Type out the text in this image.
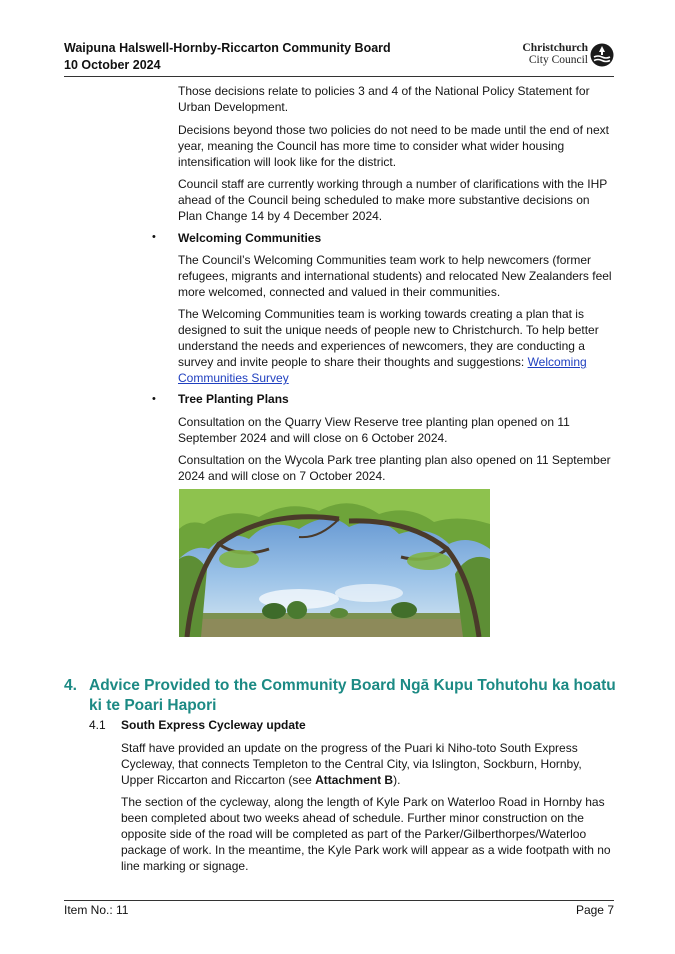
Waipuna Halswell-Hornby-Riccarton Community Board
10 October 2024
Christchurch
City Council
Those decisions relate to policies 3 and 4 of the National Policy Statement for Urban Development.
Decisions beyond those two policies do not need to be made until the end of next year, meaning the Council has more time to consider what wider housing intensification will look like for the district.
Council staff are currently working through a number of clarifications with the IHP ahead of the Council being scheduled to make more substantive decisions on Plan Change 14 by 4 December 2024.
• Welcoming Communities
The Council’s Welcoming Communities team work to help newcomers (former refugees, migrants and international students) and relocated New Zealanders feel more welcomed, connected and valued in their communities.
The Welcoming Communities team is working towards creating a plan that is designed to suit the unique needs of people new to Christchurch. To help better understand the needs and experiences of newcomers, they are conducting a survey and invite people to share their thoughts and suggestions: Welcoming Communities Survey
• Tree Planting Plans
Consultation on the Quarry View Reserve tree planting plan opened on 11 September 2024 and will close on 6 October 2024.
Consultation on the Wycola Park tree planting plan also opened on 11 September 2024 and will close on 7 October 2024.
4. Advice Provided to the Community Board Ngā Kupu Tohutohu ka hoatu ki te Poari Hapori
4.1 South Express Cycleway update
Staff have provided an update on the progress of the Puari ki Niho-toto South Express Cycleway, that connects Templeton to the Central City, via Islington, Sockburn, Hornby, Upper Riccarton and Riccarton (see Attachment B).
The section of the cycleway, along the length of Kyle Park on Waterloo Road in Hornby has been completed about two weeks ahead of schedule. Further minor construction on the opposite side of the road will be completed as part of the Parker/Gilberthorpes/Waterloo package of work. In the meantime, the Kyle Park work will appear as a wide footpath with no line marking or signage.
Item No.: 11	Page 7
